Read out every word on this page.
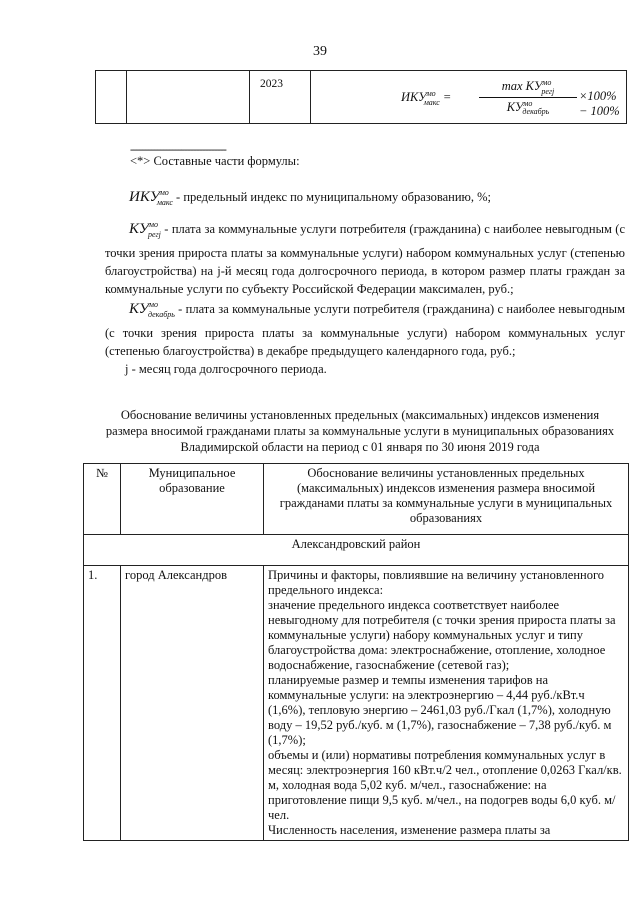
39

2023

$ИКУ^{мо}_{макс}$ =
$\max КУ^{мо}_{регj}$
$КУ^{мо}_{декабрь}$
×100% − 100%
--------------------------------
<*> Составные части формулы:
$ИКУ^{мо}_{макс}$ - предельный индекс по муниципальному образованию, %;
$КУ^{мо}_{регj}$ - плата за коммунальные услуги потребителя (гражданина) с наиболее невыгодным (с точки зрения прироста платы за коммунальные услуги) набором коммунальных услуг (степенью благоустройства) на j-й месяц года долгосрочного периода, в котором размер платы граждан за коммунальные услуги по субъекту Российской Федерации максимален, руб.;
$КУ^{мо}_{декабрь}$ - плата за коммунальные услуги потребителя (гражданина) с наиболее невыгодным (с точки зрения прироста платы за коммунальные услуги) набором коммунальных услуг (степенью благоустройства) в декабре предыдущего календарного года, руб.;
j - месяц года долгосрочного периода.
Обоснование величины установленных предельных (максимальных) индексов изменения размера вносимой гражданами платы за коммунальные услуги в муниципальных образованиях Владимирской области на период с 01 января по 30 июня 2019 года
№	Муниципальное образование	Обоснование величины установленных предельных (максимальных) индексов изменения размера вносимой гражданами платы за коммунальные услуги в муниципальных образованиях
Александровский район		
1.	город Александров	Причины и факторы, повлиявшие на величину установленного предельного индекса:
значение предельного индекса соответствует наиболее невыгодному для потребителя (с точки зрения прироста платы за коммунальные услуги) набору коммунальных услуг и типу благоустройства дома: электроснабжение, отопление, холодное водоснабжение, газоснабжение (сетевой газ);
планируемые размер и темпы изменения тарифов на коммунальные услуги: на электроэнергию – 4,44 руб./кВт.ч (1,6%), тепловую энергию – 2461,03 руб./Гкал (1,7%), холодную воду – 19,52 руб./куб. м (1,7%), газоснабжение – 7,38 руб./куб. м (1,7%);
объемы и (или) нормативы потребления коммунальных услуг в месяц: электроэнергия 160 кВт.ч/2 чел., отопление 0,0263 Гкал/кв. м, холодная вода 5,02 куб. м/чел., газоснабжение: на приготовление пищи 9,5 куб. м/чел., на подогрев воды 6,0 куб. м/чел.
Численность населения, изменение размера платы за
